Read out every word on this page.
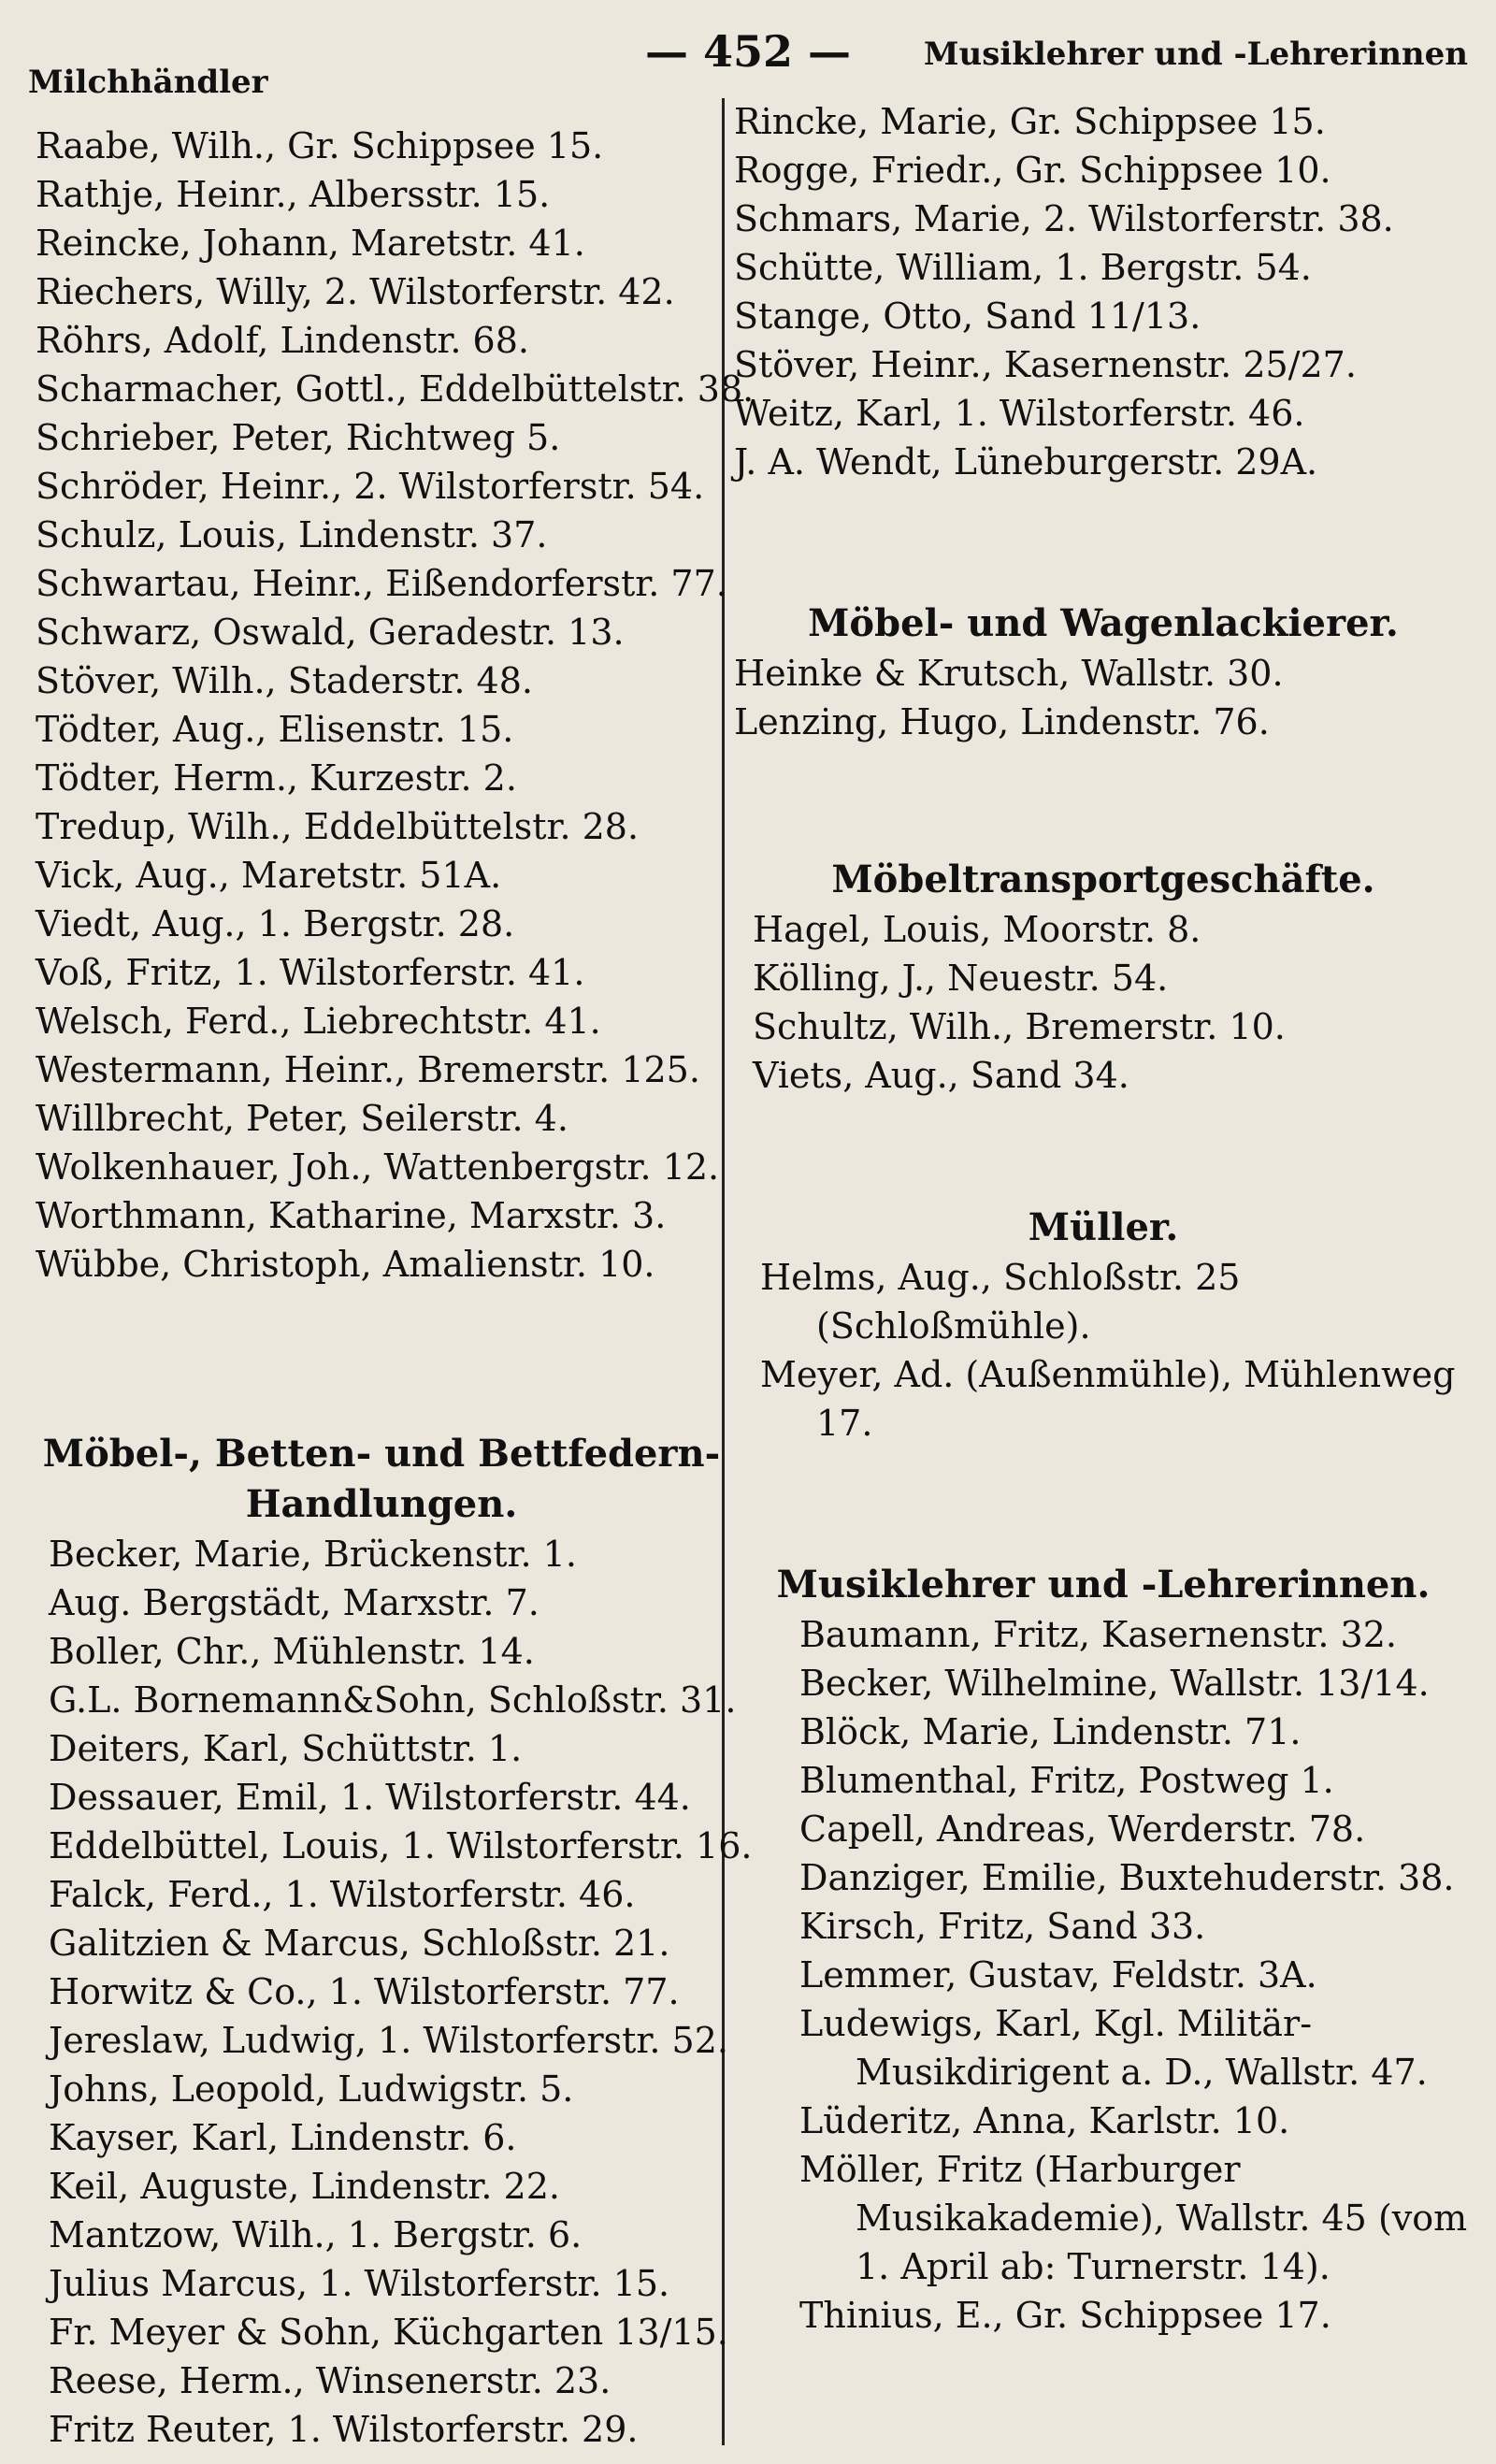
Milchhändler
— 452 —	Musiklehrer und -Lehrerinnen
Raabe, Wilh., Gr. Schippsee 15.
Rathje, Heinr., Albersstr. 15.
Reincke, Johann, Maretstr. 41.
Riechers, Willy, 2. Wilstorferstr. 42.
Röhrs, Adolf, Lindenstr. 68.
Scharmacher, Gottl., Eddelbüttelstr. 38.
Schrieber, Peter, Richtweg 5.
Schröder, Heinr., 2. Wilstorferstr. 54.
Schulz, Louis, Lindenstr. 37.
Schwartau, Heinr., Eißendorferstr. 77.
Schwarz, Oswald, Geradestr. 13.
Stöver, Wilh., Staderstr. 48.
Tödter, Aug., Elisenstr. 15.
Tödter, Herm., Kurzestr. 2.
Tredup, Wilh., Eddelbüttelstr. 28.
Vick, Aug., Maretstr. 51A.
Viedt, Aug., 1. Bergstr. 28.
Voß, Fritz, 1. Wilstorferstr. 41.
Welsch, Ferd., Liebrechtstr. 41.
Westermann, Heinr., Bremerstr. 125.
Willbrecht, Peter, Seilerstr. 4.
Wolkenhauer, Joh., Wattenbergstr. 12.
Worthmann, Katharine, Marxstr. 3.
Wübbe, Christoph, Amalienstr. 10.
Möbel-, Betten- und Bettfedern-
Handlungen.
Becker, Marie, Brückenstr. 1.
Aug. Bergstädt, Marxstr. 7.
Boller, Chr., Mühlenstr. 14.
G.L. Bornemann&Sohn, Schloßstr. 31.
Deiters, Karl, Schüttstr. 1.
Dessauer, Emil, 1. Wilstorferstr. 44.
Eddelbüttel, Louis, 1. Wilstorferstr. 16.
Falck, Ferd., 1. Wilstorferstr. 46.
Galitzien & Marcus, Schloßstr. 21.
Horwitz & Co., 1. Wilstorferstr. 77.
Jereslaw, Ludwig, 1. Wilstorferstr. 52.
Johns, Leopold, Ludwigstr. 5.
Kayser, Karl, Lindenstr. 6.
Keil, Auguste, Lindenstr. 22.
Mantzow, Wilh., 1. Bergstr. 6.
Julius Marcus, 1. Wilstorferstr. 15.
Fr. Meyer & Sohn, Küchgarten 13/15.
Reese, Herm., Winsenerstr. 23.
Fritz Reuter, 1. Wilstorferstr. 29.
Rincke, Marie, Gr. Schippsee 15.
Rogge, Friedr., Gr. Schippsee 10.
Schmars, Marie, 2. Wilstorferstr. 38.
Schütte, William, 1. Bergstr. 54.
Stange, Otto, Sand 11/13.
Stöver, Heinr., Kasernenstr. 25/27.
Weitz, Karl, 1. Wilstorferstr. 46.
J. A. Wendt, Lüneburgerstr. 29A.
Möbel- und Wagenlackierer.
Heinke & Krutsch, Wallstr. 30.
Lenzing, Hugo, Lindenstr. 76.
Möbeltransportgeschäfte.
Hagel, Louis, Moorstr. 8.
Kölling, J., Neuestr. 54.
Schultz, Wilh., Bremerstr. 10.
Viets, Aug., Sand 34.
Müller.
Helms, Aug., Schloßstr. 25 (Schloßmühle).
Meyer, Ad. (Außenmühle), Mühlenweg 17.
Musiklehrer und -Lehrerinnen.
Baumann, Fritz, Kasernenstr. 32.
Becker, Wilhelmine, Wallstr. 13/14.
Blöck, Marie, Lindenstr. 71.
Blumenthal, Fritz, Postweg 1.
Capell, Andreas, Werderstr. 78.
Danziger, Emilie, Buxtehuderstr. 38.
Kirsch, Fritz, Sand 33.
Lemmer, Gustav, Feldstr. 3A.
Ludewigs, Karl, Kgl. Militär-Musikdirigent a. D., Wallstr. 47.
Lüderitz, Anna, Karlstr. 10.
Möller, Fritz (Harburger Musikakademie), Wallstr. 45 (vom 1. April ab: Turnerstr. 14).
Thinius, E., Gr. Schippsee 17.
